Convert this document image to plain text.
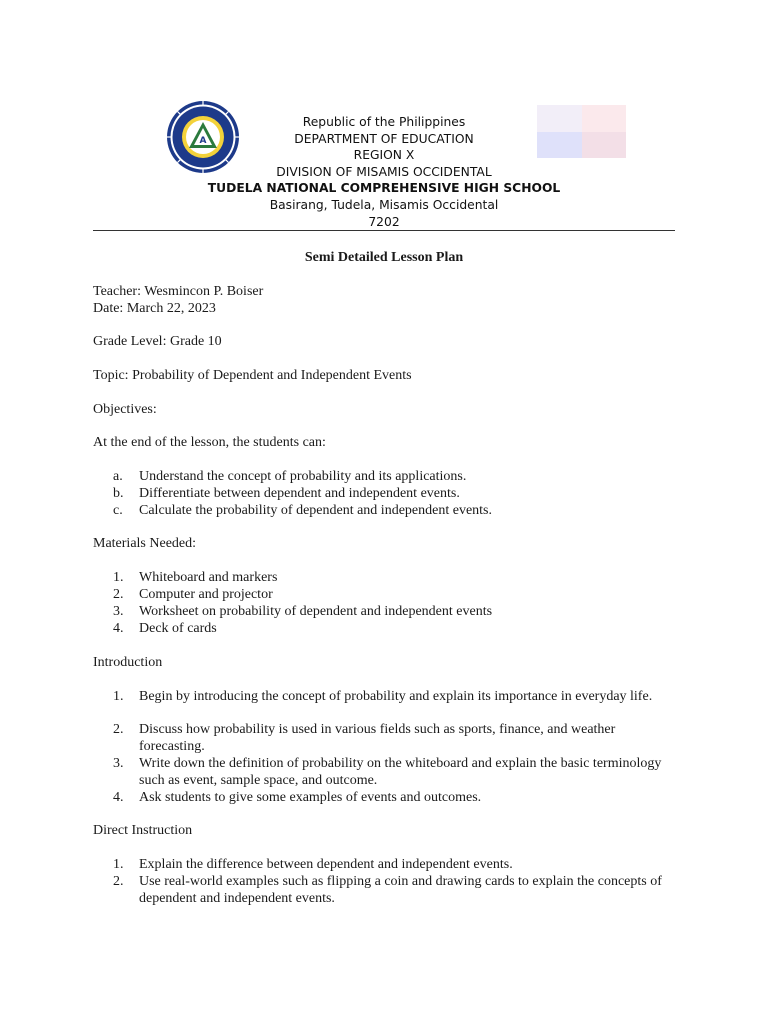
A
Republic of the Philippines
DEPARTMENT OF EDUCATION
REGION X
DIVISION OF MISAMIS OCCIDENTAL
TUDELA NATIONAL COMPREHENSIVE HIGH SCHOOL
Basirang, Tudela, Misamis Occidental
7202
Semi Detailed Lesson Plan
Teacher: Wesmincon P. Boiser
Date: March 22, 2023
Grade Level: Grade 10
Topic: Probability of Dependent and Independent Events
Objectives:
At the end of the lesson, the students can:
a.	Understand the concept of probability and its applications.
b.	Differentiate between dependent and independent events.
c.	Calculate the probability of dependent and independent events.
Materials Needed:
1.	Whiteboard and markers
2.	Computer and projector
3.	Worksheet on probability of dependent and independent events
4.	Deck of cards
Introduction
1.	Begin by introducing the concept of probability and explain its importance in everyday life.
2.	Discuss how probability is used in various fields such as sports, finance, and weather forecasting.
3.	Write down the definition of probability on the whiteboard and explain the basic terminology such as event, sample space, and outcome.
4.	Ask students to give some examples of events and outcomes.
Direct Instruction
1.	Explain the difference between dependent and independent events.
2.	Use real-world examples such as flipping a coin and drawing cards to explain the concepts of dependent and independent events.
